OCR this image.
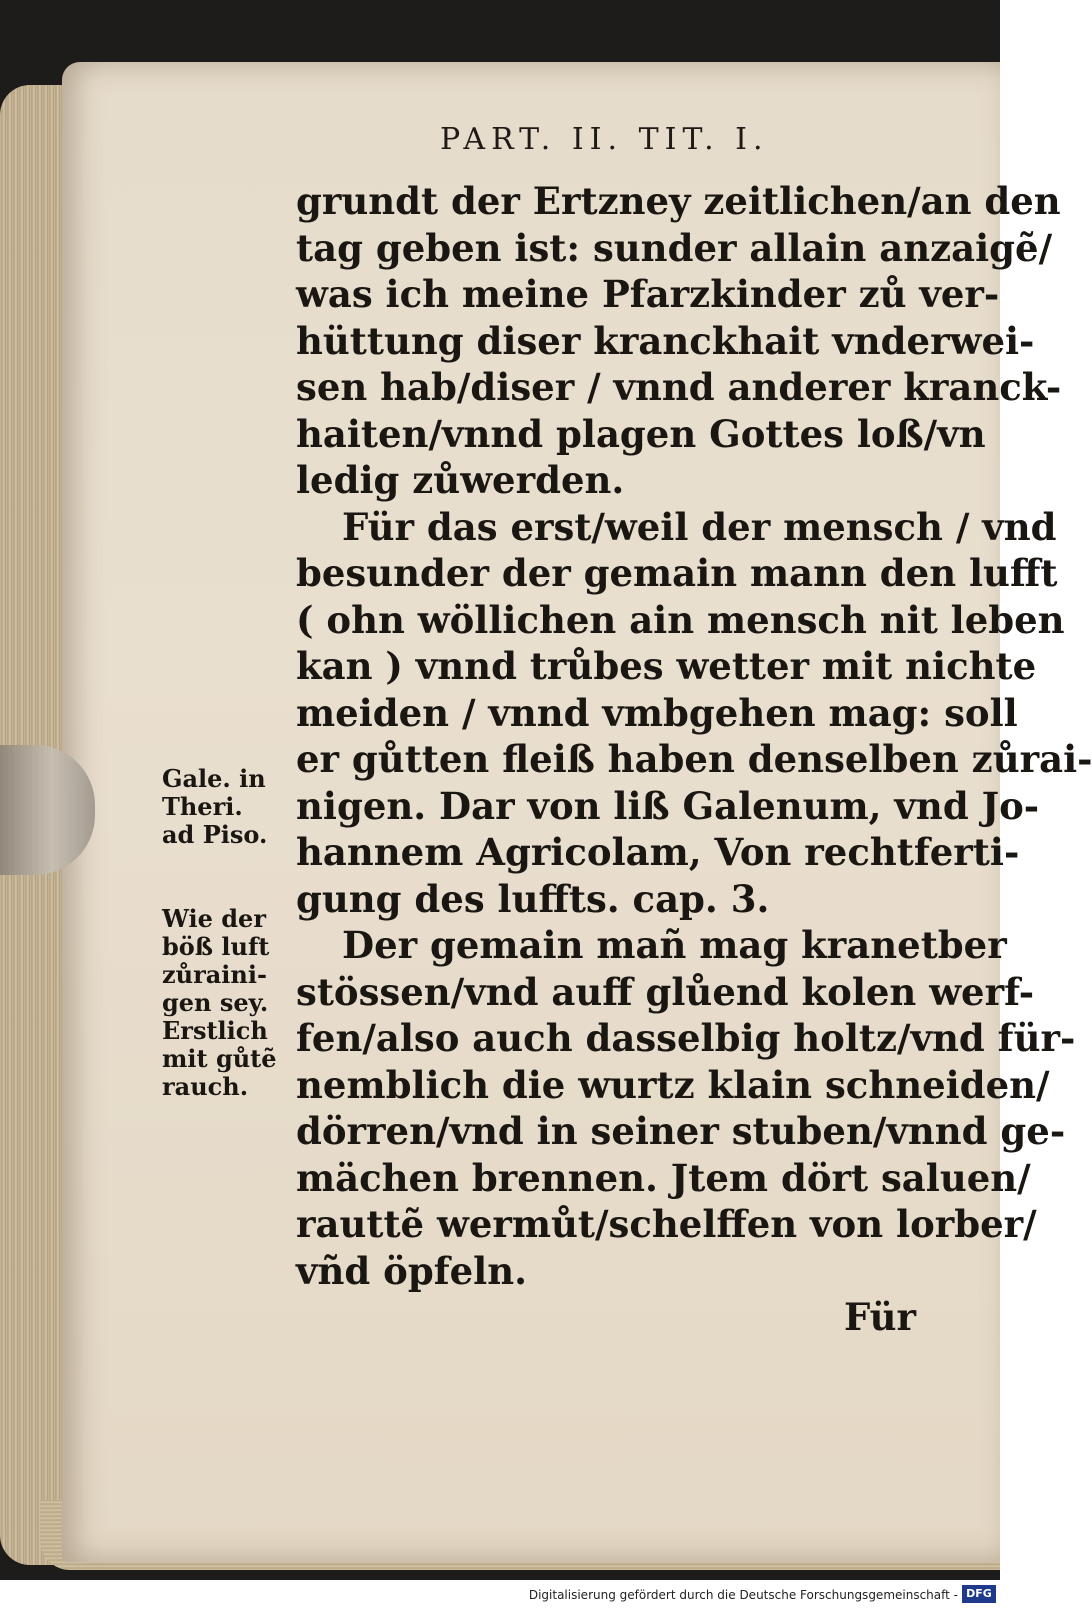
PART. II. TIT. I.
grundt der Ertzney zeitlichen/an den
tag geben ist: sunder allain anzaigẽ/
was ich meine Pfarzkinder zů ver-
hüttung diser kranckhait vnderwei-
sen hab/diser / vnnd anderer kranck-
haiten/vnnd plagen Gottes loß/vn
ledig zůwerden.
Für das erst/weil der mensch / vnd
besunder der gemain mann den lufft
( ohn wöllichen ain mensch nit leben
kan ) vnnd trůbes wetter mit nichte
meiden / vnnd vmbgehen mag: soll
er gůtten fleiß haben denselben zůrai-
nigen. Dar von liß Galenum, vnd Jo-
hannem Agricolam, Von rechtferti-
gung des luffts. cap. 3.
Der gemain mañ mag kranetber
stössen/vnd auff glůend kolen werf-
fen/also auch dasselbig holtz/vnd für-
nemblich die wurtz klain schneiden/
dörren/vnd in seiner stuben/vnnd ge-
mächen brennen. Jtem dört saluen/
rauttẽ wermůt/schelffen von lorber/
vñd öpfeln.
Für
Gale. in
Theri.
ad Piso.
Wie der
böß luft
zůraini-
gen sey.
Erstlich
mit gůtẽ
rauch.
Digitalisierung gefördert durch die Deutsche Forschungsgemeinschaft - DFG
